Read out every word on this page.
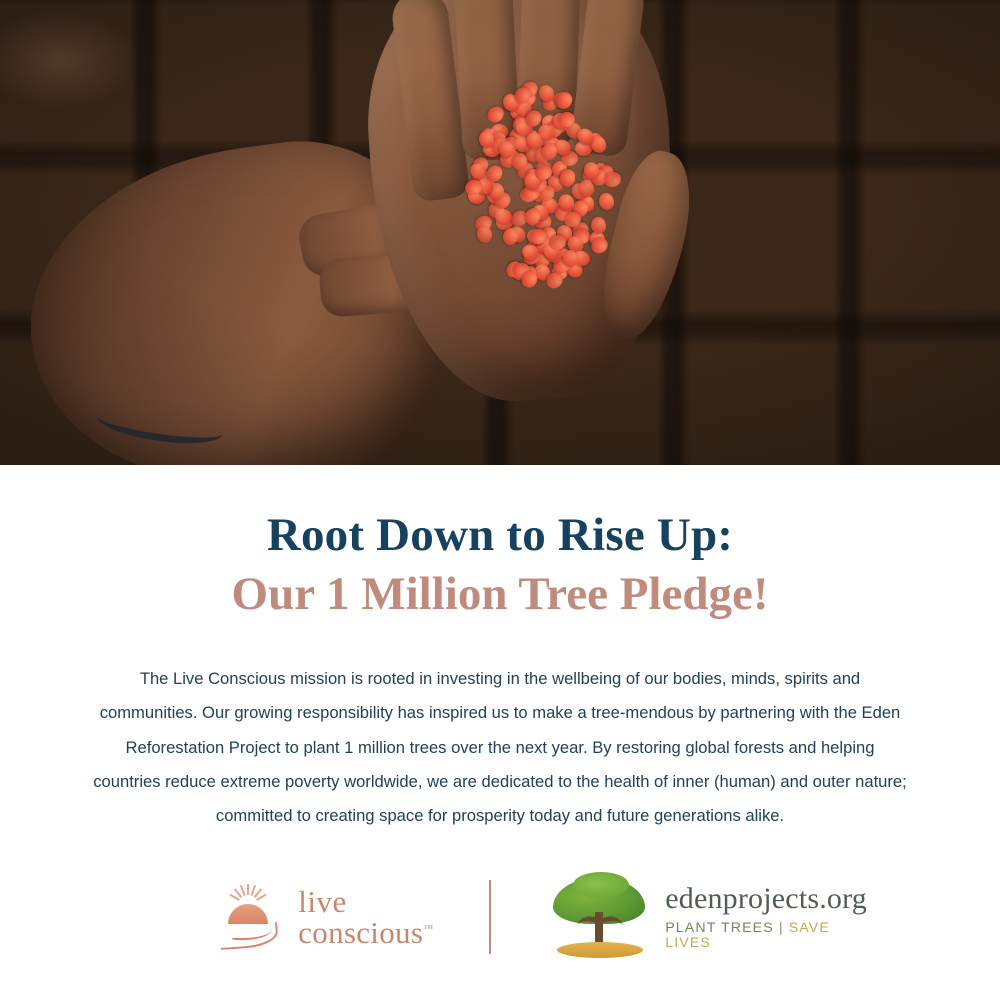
Root Down to Rise Up:
Our 1 Million Tree Pledge!

The Live Conscious mission is rooted in investing in the wellbeing of our bodies, minds, spirits and communities. Our growing responsibility has inspired us to make a tree-mendous by partnering with the Eden Reforestation Project to plant 1 million trees over the next year. By restoring global forests and helping countries reduce extreme poverty worldwide, we are dedicated to the health of inner (human) and outer nature; committed to creating space for prosperity today and future generations alike.

live
conscious™
edenprojects.org
PLANT TREES | SAVE LIVES
